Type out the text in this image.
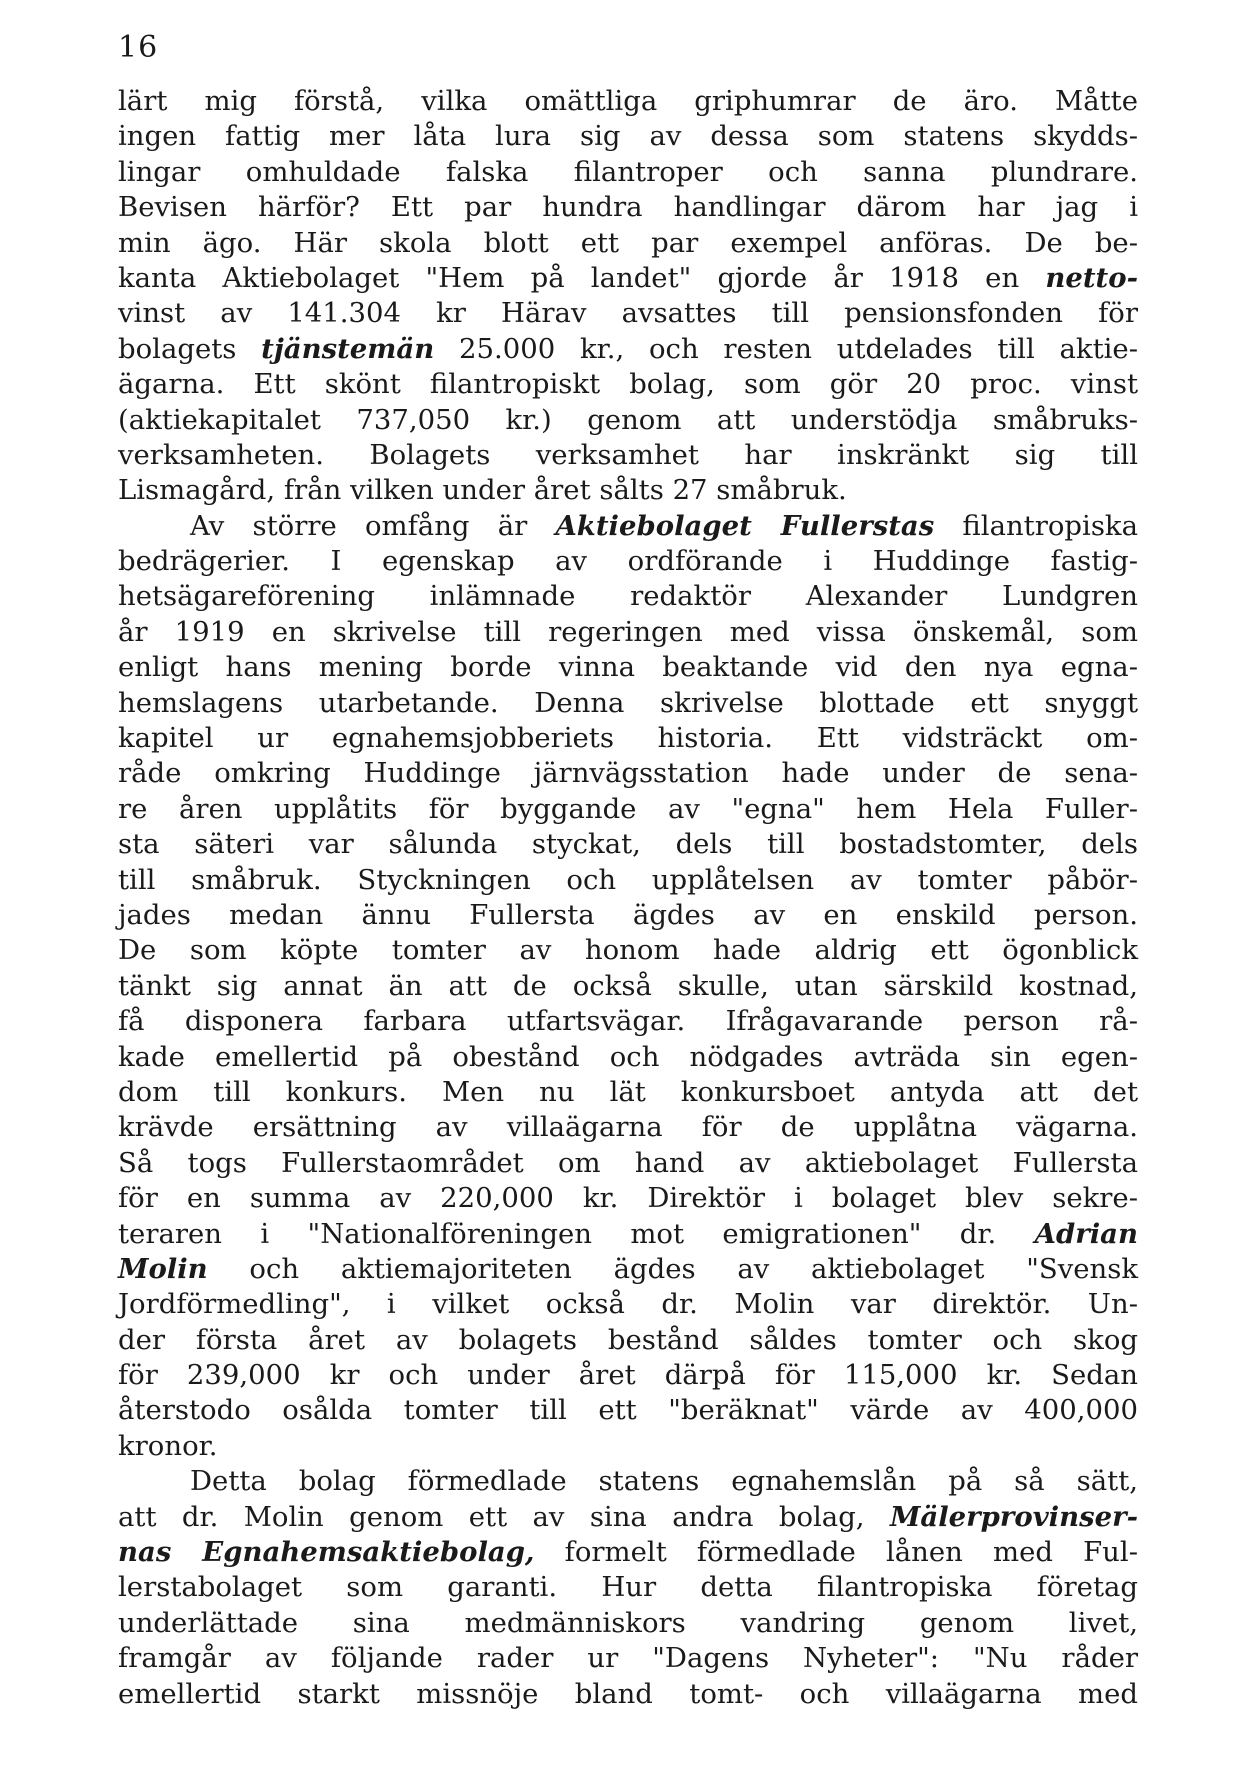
16
lärt mig förstå, vilka omättliga griphumrar de äro. Måtte
ingen fattig mer låta lura sig av dessa som statens skydds-
lingar omhuldade falska filantroper och sanna plundrare.
Bevisen härför? Ett par hundra handlingar därom har jag i
min ägo. Här skola blott ett par exempel anföras. De be-
kanta Aktiebolaget "Hem på landet" gjorde år 1918 en netto-
vinst av 141.304 kr Härav avsattes till pensionsfonden för
bolagets tjänstemän 25.000 kr., och resten utdelades till aktie-
ägarna. Ett skönt filantropiskt bolag, som gör 20 proc. vinst
(aktiekapitalet 737,050 kr.) genom att understödja småbruks-
verksamheten. Bolagets verksamhet har inskränkt sig till
Lismagård, från vilken under året sålts 27 småbruk.
Av större omfång är Aktiebolaget Fullerstas filantropiska
bedrägerier. I egenskap av ordförande i Huddinge fastig-
hetsägareförening inlämnade redaktör Alexander Lundgren
år 1919 en skrivelse till regeringen med vissa önskemål, som
enligt hans mening borde vinna beaktande vid den nya egna-
hemslagens utarbetande. Denna skrivelse blottade ett snyggt
kapitel ur egnahemsjobberiets historia. Ett vidsträckt om-
råde omkring Huddinge järnvägsstation hade under de sena-
re åren upplåtits för byggande av "egna" hem Hela Fuller-
sta säteri var sålunda styckat, dels till bostadstomter, dels
till småbruk. Styckningen och upplåtelsen av tomter påbör-
jades medan ännu Fullersta ägdes av en enskild person.
De som köpte tomter av honom hade aldrig ett ögonblick
tänkt sig annat än att de också skulle, utan särskild kostnad,
få disponera farbara utfartsvägar. Ifrågavarande person rå-
kade emellertid på obestånd och nödgades avträda sin egen-
dom till konkurs. Men nu lät konkursboet antyda att det
krävde ersättning av villaägarna för de upplåtna vägarna.
Så togs Fullerstaområdet om hand av aktiebolaget Fullersta
för en summa av 220,000 kr. Direktör i bolaget blev sekre-
teraren i "Nationalföreningen mot emigrationen" dr. Adrian
Molin och aktiemajoriteten ägdes av aktiebolaget "Svensk
Jordförmedling", i vilket också dr. Molin var direktör. Un-
der första året av bolagets bestånd såldes tomter och skog
för 239,000 kr och under året därpå för 115,000 kr. Sedan
återstodo osålda tomter till ett "beräknat" värde av 400,000
kronor.
Detta bolag förmedlade statens egnahemslån på så sätt,
att dr. Molin genom ett av sina andra bolag, Mälerprovinser-
nas Egnahemsaktiebolag, formelt förmedlade lånen med Ful-
lerstabolaget som garanti. Hur detta filantropiska företag
underlättade sina medmänniskors vandring genom livet,
framgår av följande rader ur "Dagens Nyheter": "Nu råder
emellertid starkt missnöje bland tomt- och villaägarna med
